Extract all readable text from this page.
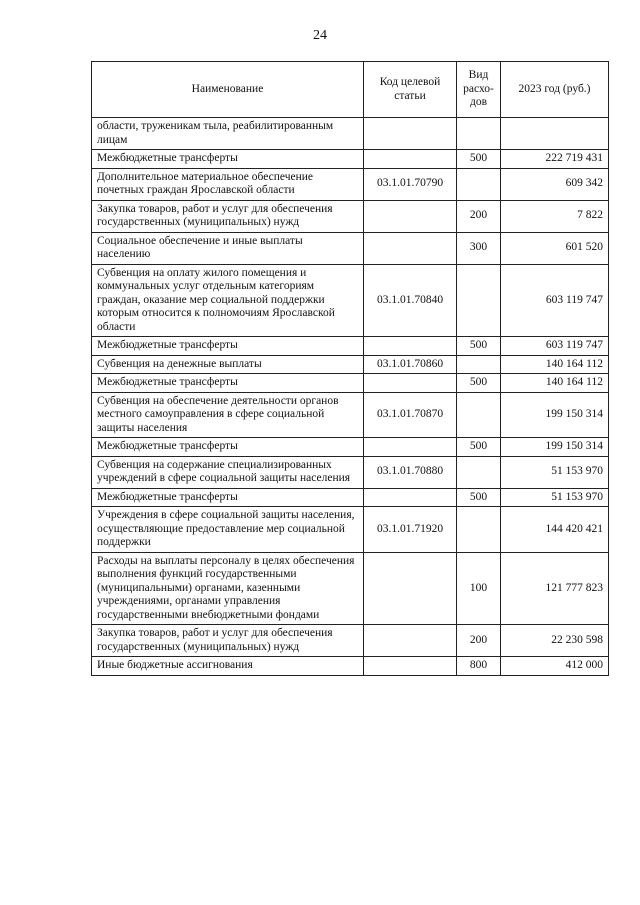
24
Наименование	Код целевой статьи	Вид расхо-дов	2023 год (руб.)
области, труженикам тыла, реабилитированным лицам			
Межбюджетные трансферты		500	222 719 431
Дополнительное материальное обеспечение почетных граждан Ярославской области	03.1.01.70790		609 342
Закупка товаров, работ и услуг для обеспечения государственных (муниципальных) нужд		200	7 822
Социальное обеспечение и иные выплаты населению		300	601 520
Субвенция на оплату жилого помещения и коммунальных услуг отдельным категориям граждан, оказание мер социальной поддержки которым относится к полномочиям Ярославской области	03.1.01.70840		603 119 747
Межбюджетные трансферты		500	603 119 747
Субвенция на денежные выплаты	03.1.01.70860		140 164 112
Межбюджетные трансферты		500	140 164 112
Субвенция на обеспечение деятельности органов местного самоуправления в сфере социальной защиты населения	03.1.01.70870		199 150 314
Межбюджетные трансферты		500	199 150 314
Субвенция на содержание специализированных учреждений в сфере социальной защиты населения	03.1.01.70880		51 153 970
Межбюджетные трансферты		500	51 153 970
Учреждения в сфере социальной защиты населения, осуществляющие предоставление мер социальной поддержки	03.1.01.71920		144 420 421
Расходы на выплаты персоналу в целях обеспечения выполнения функций государственными (муниципальными) органами, казенными учреждениями, органами управления государственными внебюджетными фондами		100	121 777 823
Закупка товаров, работ и услуг для обеспечения государственных (муниципальных) нужд		200	22 230 598
Иные бюджетные ассигнования		800	412 000
